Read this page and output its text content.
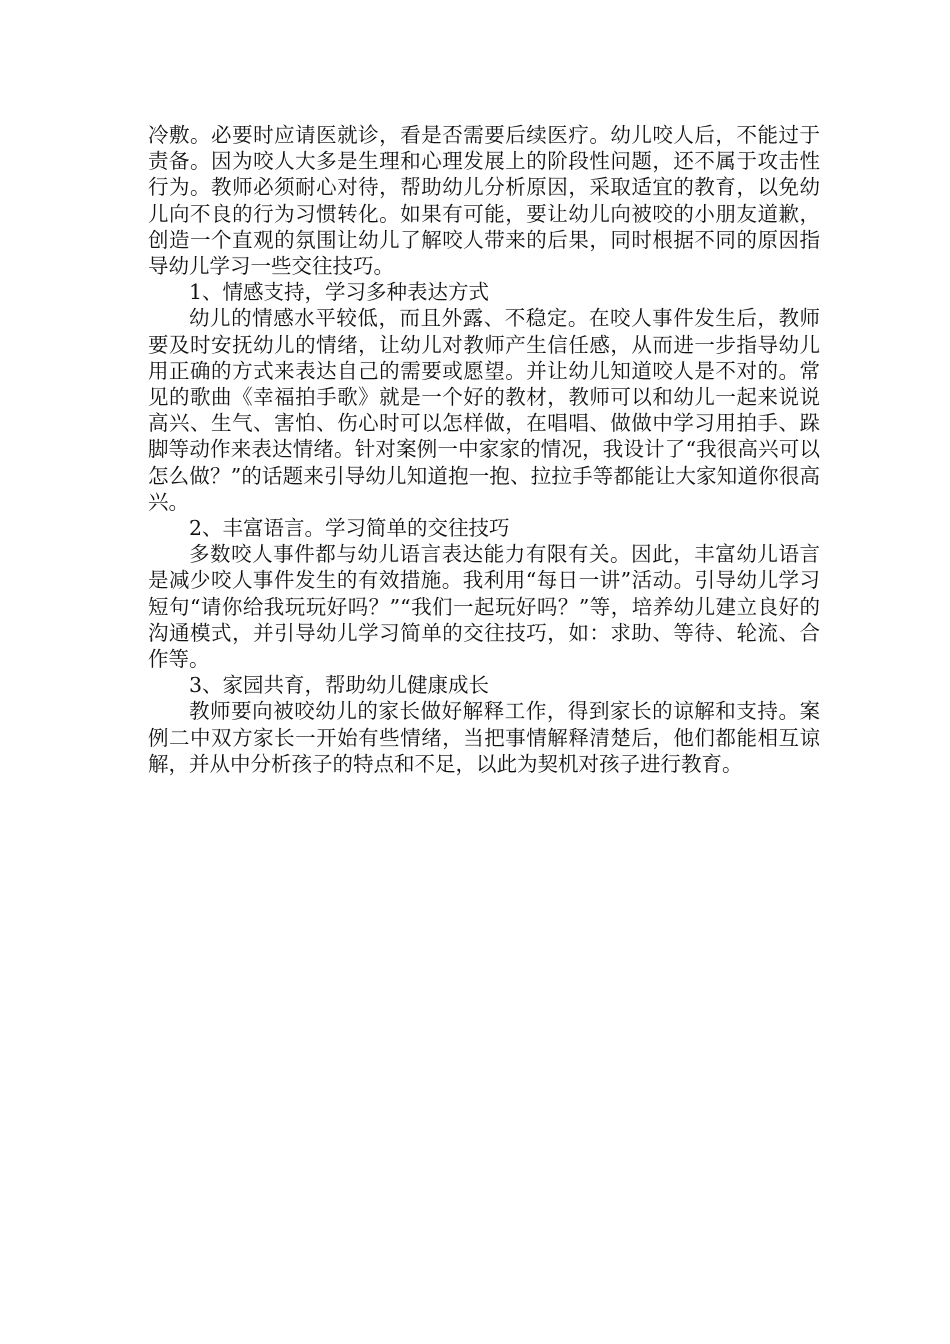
冷敷。必要时应请医就诊，看是否需要后续医疗。幼儿咬人后，不能过于责备。因为咬人大多是生理和心理发展上的阶段性问题，还不属于攻击性行为。教师必须耐心对待，帮助幼儿分析原因，采取适宜的教育，以免幼儿向不良的行为习惯转化。如果有可能，要让幼儿向被咬的小朋友道歉，创造一个直观的氛围让幼儿了解咬人带来的后果，同时根据不同的原因指导幼儿学习一些交往技巧。

1、情感支持，学习多种表达方式

幼儿的情感水平较低，而且外露、不稳定。在咬人事件发生后，教师要及时安抚幼儿的情绪，让幼儿对教师产生信任感，从而进一步指导幼儿用正确的方式来表达自己的需要或愿望。并让幼儿知道咬人是不对的。常见的歌曲《幸福拍手歌》就是一个好的教材，教师可以和幼儿一起来说说高兴、生气、害怕、伤心时可以怎样做，在唱唱、做做中学习用拍手、跺脚等动作来表达情绪。针对案例一中家家的情况，我设计了“我很高兴可以怎么做？”的话题来引导幼儿知道抱一抱、拉拉手等都能让大家知道你很高兴。

2、丰富语言。学习简单的交往技巧

多数咬人事件都与幼儿语言表达能力有限有关。因此，丰富幼儿语言是减少咬人事件发生的有效措施。我利用“每日一讲”活动。引导幼儿学习短句“请你给我玩玩好吗？”“我们一起玩好吗？”等，培养幼儿建立良好的沟通模式，并引导幼儿学习简单的交往技巧，如：求助、等待、轮流、合作等。

3、家园共育，帮助幼儿健康成长

教师要向被咬幼儿的家长做好解释工作，得到家长的谅解和支持。案例二中双方家长一开始有些情绪，当把事情解释清楚后，他们都能相互谅解，并从中分析孩子的特点和不足，以此为契机对孩子进行教育。
